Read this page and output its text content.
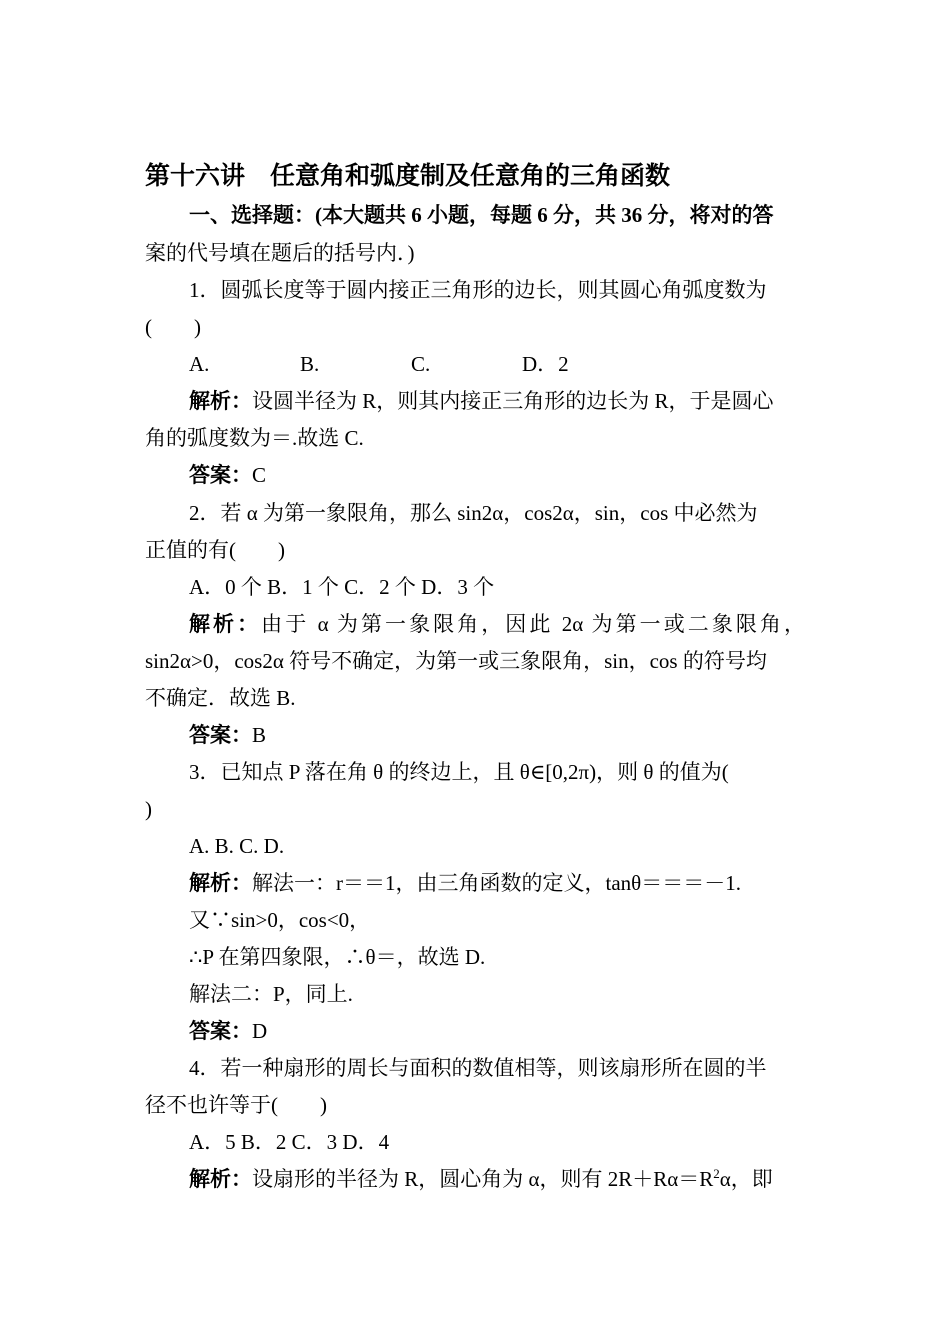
第十六讲　任意角和弧度制及任意角的三角函数
一、选择题：(本大题共 6 小题，每题 6 分，共 36 分，将对的答
案的代号填在题后的括号内．)
1．圆弧长度等于圆内接正三角形的边长，则其圆心角弧度数为
(　　)
A.	B.	C.	D．2
解析：设圆半径为 R，则其内接正三角形的边长为 R，于是圆心
角的弧度数为＝.故选 C.
答案：C
2．若 α 为第一象限角，那么 sin2α，cos2α，sin，cos 中必然为
正值的有(　　)
A．0 个 B．1 个 C．2 个 D．3 个
解析：由于 α 为第一象限角，因此 2α 为第一或二象限角，
sin2α>0，cos2α 符号不确定，为第一或三象限角，sin，cos 的符号均
不确定．故选 B.
答案：B
3．已知点 P 落在角 θ 的终边上，且 θ∈[0,2π)，则 θ 的值为(
)
A. B. C. D.
解析：解法一：r＝＝1，由三角函数的定义，tanθ＝＝＝－1.
又∵sin>0，cos<0，
∴P 在第四象限，∴θ＝，故选 D.
解法二：P，同上.
答案：D
4．若一种扇形的周长与面积的数值相等，则该扇形所在圆的半
径不也许等于(　　)
A．5 B．2 C．3 D．4
解析：设扇形的半径为 R，圆心角为 α，则有 $2R+R\alpha=R^2\alpha$，即
